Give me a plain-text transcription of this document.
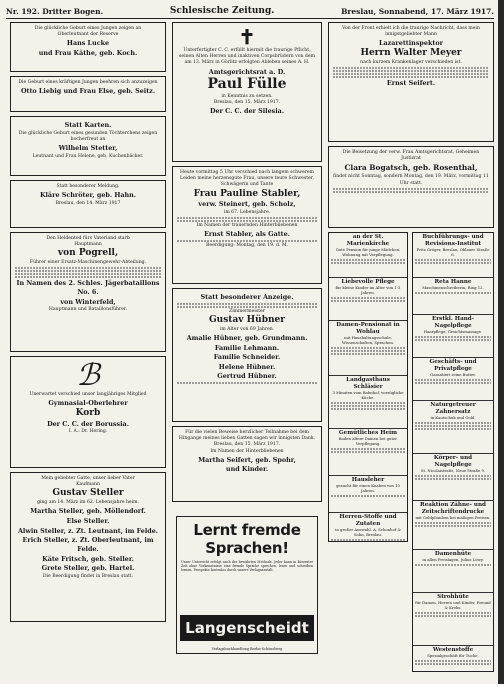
Nr. 192. Dritter Bogen.	Schlesische Zeitung.	Breslau, Sonnabend, 17. März 1917.
Die glückliche Geburt eines Jungen zeigen an
Oberleutnant der Reserve
Hans Lucke
und Frau Käthe, geb. Koch.
Die Geburt eines kräftigen Jungen beehren sich anzuzeigen
Otto Liebig und Frau Else, geb. Seitz.
Statt Karten.
Die glückliche Geburt eines gesunden Töchterchens zeigen hocherfreut an
Wilhelm Stetter,
Leutnant und Frau Helene, geb. Kuchenbäcker.
Statt besonderer Meldung.
Kläre Schröter, geb. Hahn.
Breslau, den 14. März 1917
Den Heldentod fürs Vaterland starb
Hauptmann
von Pogrell,
Führer einer Ersatz-Maschinengewehr-Abteilung.
In Namen des 2. Schles. Jägerbataillons No. 6.
von Winterfeld,
Hauptmann und Bataillonsführer.
ℬ
Unerwartet verschied unser langjähriges Mitglied
Gymnasial-Oberlehrer
Korb
Der C. C. der Borussia.
I. A.: Dr. Hering.
Mein geliebter Gatte, unser lieber Vater
Kaufmann
Gustav Steller
ging am 14. März im 62. Lebensjahre heim.
Martha Steller, geb. Möllendorf.
Else Steller.
Alwin Steller, z. Zt. Leutnant, im Felde.
Erich Steller, z. Zt. Oberleutnant, im Felde.
Käte Fritsch, geb. Steller.
Grete Steller, geb. Hartel.
Die Beerdigung findet in Breslau statt.
✝
Unterfertigter C. C. erfüllt hiermit die traurige Pflicht, seinen Alten Herren und inaktiven Corpsbrüdern von dem am 13. März in Görlitz erfolgten Ableben seines A. H.
Amtsgerichtsrat a. D.
Paul Fülle
in Kenntnis zu setzen.
Breslau, den 15. März 1917.
Der C. C. der Silesia.
Heute vormittag 5 Uhr verschied nach langem schwerem Leiden meine herzensgute Frau, unsere teure Schwester, Schwägerin und Tante
Frau Pauline Stabler,
verw. Steinert, geb. Scholz,
im 67. Lebensjahre.
Im Namen der trauernden Hinterbliebenen
Ernst Stabler, als Gatte.
Beerdigung: Montag, den 19. d. M.
Statt besonderer Anzeige.
Zimmermeister
Gustav Hübner
im Alter von 69 Jahren.
Amalie Hübner, geb. Grundmann.
Familie Lehmann.
Familie Schneider.
Helene Hübner.
Gertrud Hübner.
Für die vielen Beweise herzlicher Teilnahme bei dem Hingange meines lieben Gatten sagen wir innigsten Dank.
Breslau, den 15. März 1917.
Im Namen der Hinterbliebenen
Martha Seifert, geb. Spohr,
und Kinder.
Von der Front erhielt ich die traurige Nachricht, dass mein innigstgeliebter Mann
Lazarettinspektor
Herrn Walter Meyer
nach kurzem Krankenlager verschieden ist.
Ernst Seifert.
Die Beisetzung der verw. Frau Amtsgerichtsrat, Geheimen Justizrat
Clara Bogatsch, geb. Rosenthal,
findet nicht Sonntag, sondern Montag, den 19. März, vormittag 11 Uhr statt.
an der St. Marienkirche
Gute Pension für junge Mädchen, Wohnung mit Verpflegung.
Liebevolle Pflege
für kleine Kinder im Alter von 1-3 Jahren.
Damen-Pensionat in Wohlau
mit Haushaltungsschule, Wissenschaften, Sprachen.
Landgasthaus Schläsier
3 Minuten vom Bahnhof, vorzügliche Küche.
Gemütliches Heim
finden ältere Damen bei guter Verpflegung.
Hausleher
gesucht für einen Knaben von 10 Jahren.
Herren-Stoffe und Zutaten
in großer Auswahl. A. Schonhof & Sohn, Breslau.
Buchführungs- und Revisions-Institut
Fritz Gröger, Breslau, Ohlauer Straße 6.
Reta Hanne
Maschinenschreiberin, Ring 12.
Erstkl. Hand-Nagelpflege
Haarpflege, Gesichtsmassage.
Geschäfts- und Privatpflege
Garantiert reine Butter.
Naturgetreuer Zahnersatz
in Kautschuk und Gold.
Körper- und Nagelpflege
St. Nicolaistraße, Neue Straße 9.
Reaktion Zähne- und Zeitschriftendrucke
mit Goldplomben bei mäßigen Preisen.
Damenhüte
in allen Preislagen, Julius Löwy.
Strohhüte
für Damen, Herren und Kinder. Freund & Krebs.
Westenstoffe
Spezialgeschäft für Tuche.
Lernt fremde Sprachen!
Unser Unterricht erfolgt nach der bewährten Methode. Jeder kann in kürzester Zeit ohne Vorkenntnisse eine fremde Sprache sprechen, lesen und schreiben lernen. Prospekte kostenlos durch unsere Verlagsanstalt.
Langenscheidt
Verlagsbuchhandlung Berlin-Schöneberg
